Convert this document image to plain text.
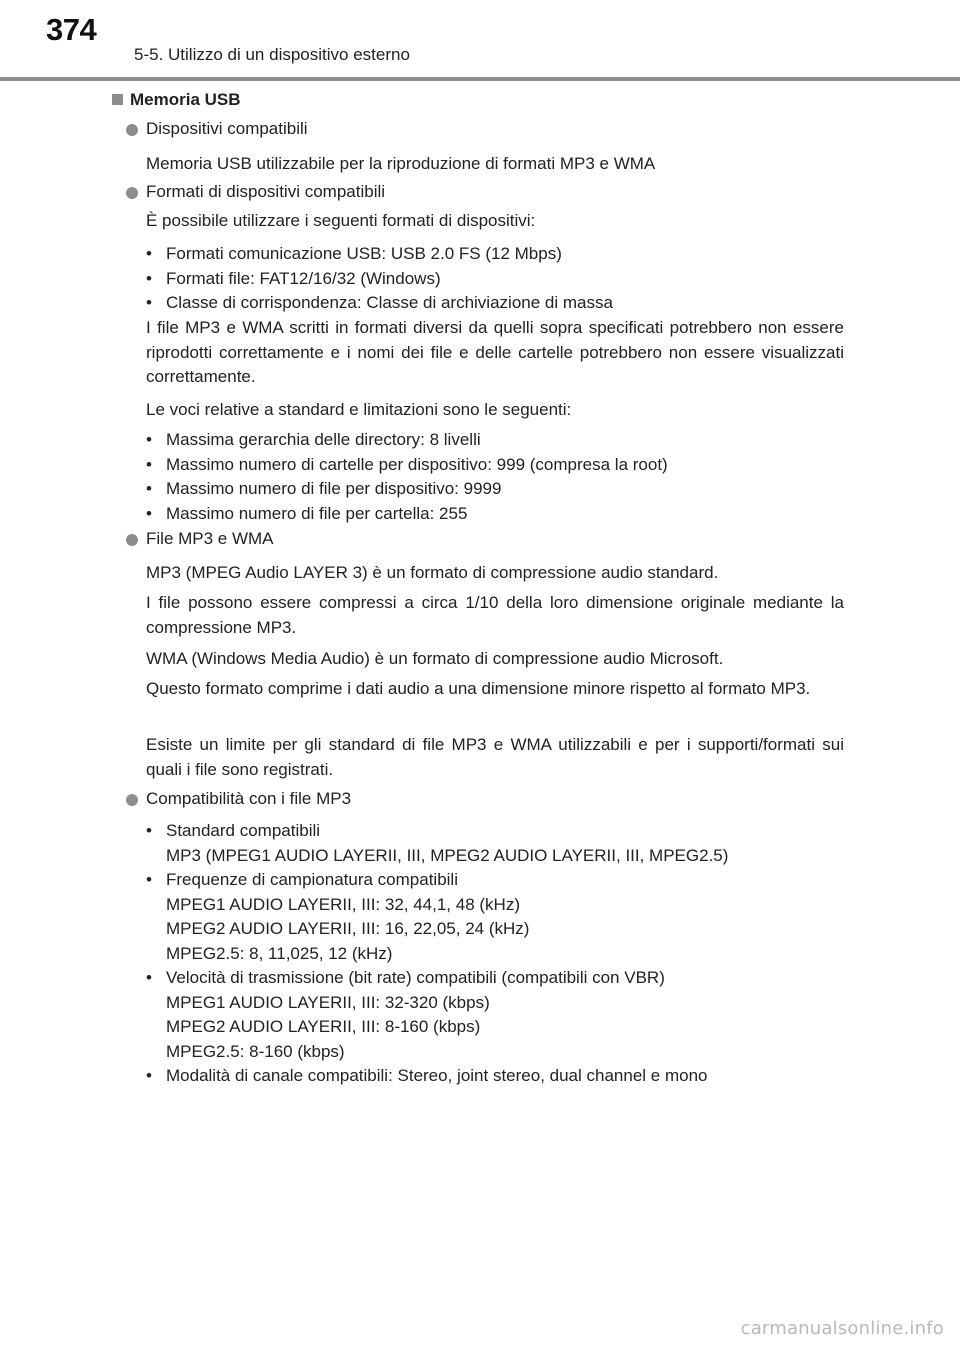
374
5-5. Utilizzo di un dispositivo esterno
Memoria USB
Dispositivi compatibili

Memoria USB utilizzabile per la riproduzione di formati MP3 e WMA

Formati di dispositivi compatibili

È possibile utilizzare i seguenti formati di dispositivi:

• Formati comunicazione USB: USB 2.0 FS (12 Mbps)
• Formati file: FAT12/16/32 (Windows)
• Classe di corrispondenza: Classe di archiviazione di massa

I file MP3 e WMA scritti in formati diversi da quelli sopra specificati potrebbero non essere riprodotti correttamente e i nomi dei file e delle cartelle potrebbero non essere visualizzati correttamente.

Le voci relative a standard e limitazioni sono le seguenti:

• Massima gerarchia delle directory: 8 livelli
• Massimo numero di cartelle per dispositivo: 999 (compresa la root)
• Massimo numero di file per dispositivo: 9999
• Massimo numero di file per cartella: 255
File MP3 e WMA

MP3 (MPEG Audio LAYER 3) è un formato di compressione audio standard.

I file possono essere compressi a circa 1/10 della loro dimensione originale mediante la compressione MP3.

WMA (Windows Media Audio) è un formato di compressione audio Microsoft.

Questo formato comprime i dati audio a una dimensione minore rispetto al formato MP3.

Esiste un limite per gli standard di file MP3 e WMA utilizzabili e per i supporti/formati sui quali i file sono registrati.

Compatibilità con i file MP3
• Standard compatibili
MP3 (MPEG1 AUDIO LAYERII, III, MPEG2 AUDIO LAYERII, III, MPEG2.5)
• Frequenze di campionatura compatibili
MPEG1 AUDIO LAYERII, III: 32, 44,1, 48 (kHz)
MPEG2 AUDIO LAYERII, III: 16, 22,05, 24 (kHz)
MPEG2.5: 8, 11,025, 12 (kHz)
• Velocità di trasmissione (bit rate) compatibili (compatibili con VBR)
MPEG1 AUDIO LAYERII, III: 32-320 (kbps)
MPEG2 AUDIO LAYERII, III: 8-160 (kbps)
MPEG2.5: 8-160 (kbps)
• Modalità di canale compatibili: Stereo, joint stereo, dual channel e mono
carmanualsonline.info
